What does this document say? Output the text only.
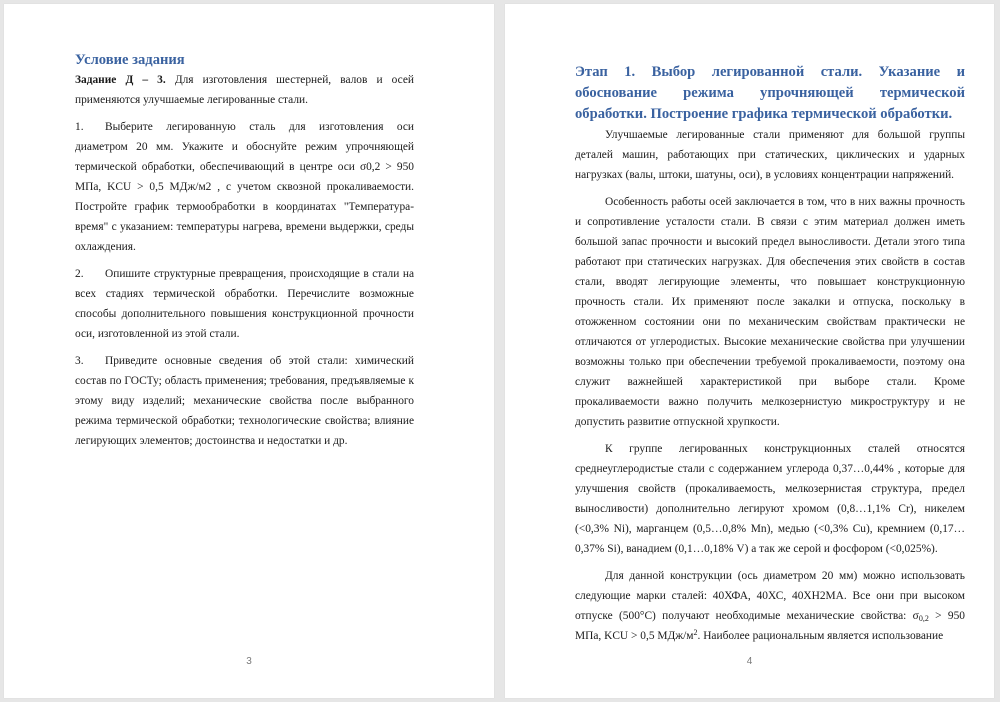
Условие задания

Задание Д – 3. Для изготовления шестерней, валов и осей применяются улучшаемые легированные стали.

1. Выберите легированную сталь для изготовления оси диаметром 20 мм. Укажите и обоснуйте режим упрочняющей термической обработки, обеспечивающий в центре оси σ0,2 > 950 МПа, KCU > 0,5 МДж/м2 , с учетом сквозной прокаливаемости. Постройте график термообработки в координатах "Температура-время" с указанием: температуры нагрева, времени выдержки, среды охлаждения.

2. Опишите структурные превращения, происходящие в стали на всех стадиях термической обработки. Перечислите возможные способы дополнительного повышения конструкционной прочности оси, изготовленной из этой стали.

3. Приведите основные сведения об этой стали: химический состав по ГОСТу; область применения; требования, предъявляемые к этому виду изделий; механические свойства после выбранного режима термической обработки; технологические свойства; влияние легирующих элементов; достоинства и недостатки и др.

3
Этап 1. Выбор легированной стали. Указание и обоснование режима упрочняющей термической обработки. Построение графика термической обработки.

Улучшаемые легированные стали применяют для большой группы деталей машин, работающих при статических, циклических и ударных нагрузках (валы, штоки, шатуны, оси), в условиях концентрации напряжений.

Особенность работы осей заключается в том, что в них важны прочность и сопротивление усталости стали. В связи с этим материал должен иметь большой запас прочности и высокий предел выносливости. Детали этого типа работают при статических нагрузках. Для обеспечения этих свойств в состав стали, вводят легирующие элементы, что повышает конструкционную прочность стали. Их применяют после закалки и отпуска, поскольку в отожженном состоянии они по механическим свойствам практически не отличаются от углеродистых. Высокие механические свойства при улучшении возможны только при обеспечении требуемой прокаливаемости, поэтому она служит важнейшей характеристикой при выборе стали. Кроме прокаливаемости важно получить мелкозернистую микроструктуру и не допустить развитие отпускной хрупкости.

К группе легированных конструкционных сталей относятся среднеуглеродистые стали с содержанием углерода 0,37…0,44% , которые для улучшения свойств (прокаливаемость, мелкозернистая структура, предел выносливости) дополнительно легируют хромом (0,8…1,1% Cr), никелем (<0,3% Ni), марганцем (0,5…0,8% Mn), медью (<0,3% Cu), кремнием (0,17…0,37% Si), ванадием (0,1…0,18% V) а так же серой и фосфором (<0,025%).

Для данной конструкции (ось диаметром 20 мм) можно использовать следующие марки сталей: 40ХФА, 40ХС, 40ХН2МА. Все они при высоком отпуске (500°С) получают необходимые механические свойства: $\sigma_{0,2} > 950$ МПа, KCU > 0,5 МДж/$м^2$. Наиболее рациональным является использование

4
